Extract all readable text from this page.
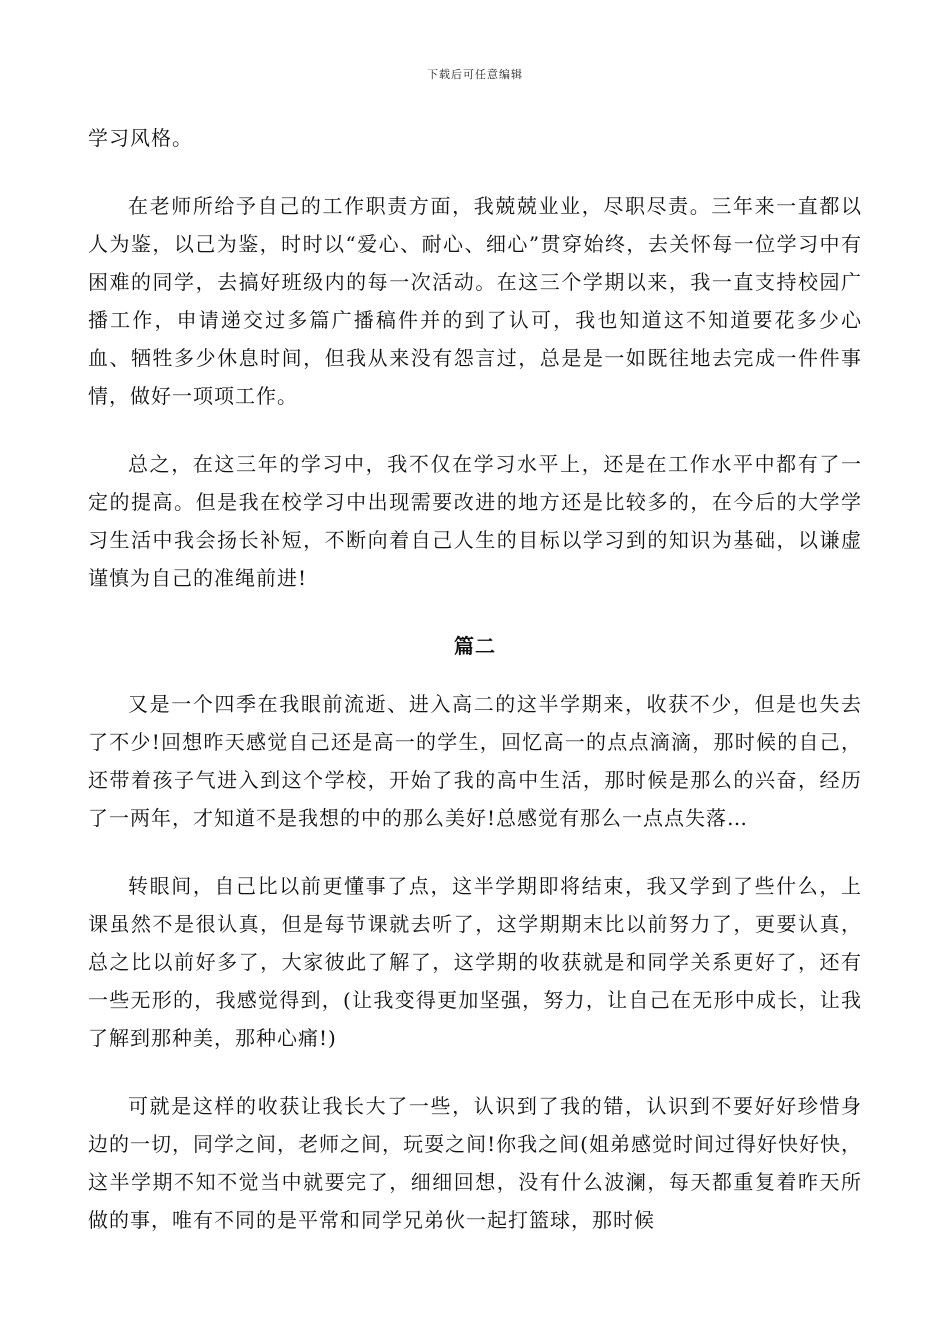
下载后可任意编辑

学习风格。

在老师所给予自己的工作职责方面，我兢兢业业，尽职尽责。三年来一直都以人为鉴，以己为鉴，时时以“爱心、耐心、细心”贯穿始终，去关怀每一位学习中有困难的同学，去搞好班级内的每一次活动。在这三个学期以来，我一直支持校园广播工作，申请递交过多篇广播稿件并的到了认可，我也知道这不知道要花多少心血、牺牲多少休息时间，但我从来没有怨言过，总是是一如既往地去完成一件件事情，做好一项项工作。

总之，在这三年的学习中，我不仅在学习水平上，还是在工作水平中都有了一定的提高。但是我在校学习中出现需要改进的地方还是比较多的，在今后的大学学习生活中我会扬长补短，不断向着自己人生的目标以学习到的知识为基础，以谦虚谨慎为自己的准绳前进!

篇二

又是一个四季在我眼前流逝、进入高二的这半学期来，收获不少，但是也失去了不少!回想昨天感觉自己还是高一的学生，回忆高一的点点滴滴，那时候的自己，还带着孩子气进入到这个学校，开始了我的高中生活，那时候是那么的兴奋，经历了一两年，才知道不是我想的中的那么美好!总感觉有那么一点点失落…

转眼间，自己比以前更懂事了点，这半学期即将结束，我又学到了些什么，上课虽然不是很认真，但是每节课就去听了，这学期期末比以前努力了，更要认真，总之比以前好多了，大家彼此了解了，这学期的收获就是和同学关系更好了，还有一些无形的，我感觉得到，(让我变得更加坚强，努力，让自己在无形中成长，让我了解到那种美，那种心痛!)

可就是这样的收获让我长大了一些，认识到了我的错，认识到不要好好珍惜身边的一切，同学之间，老师之间，玩耍之间!你我之间(姐弟感觉时间过得好快好快，这半学期不知不觉当中就要完了，细细回想，没有什么波澜，每天都重复着昨天所做的事，唯有不同的是平常和同学兄弟伙一起打篮球，那时候
